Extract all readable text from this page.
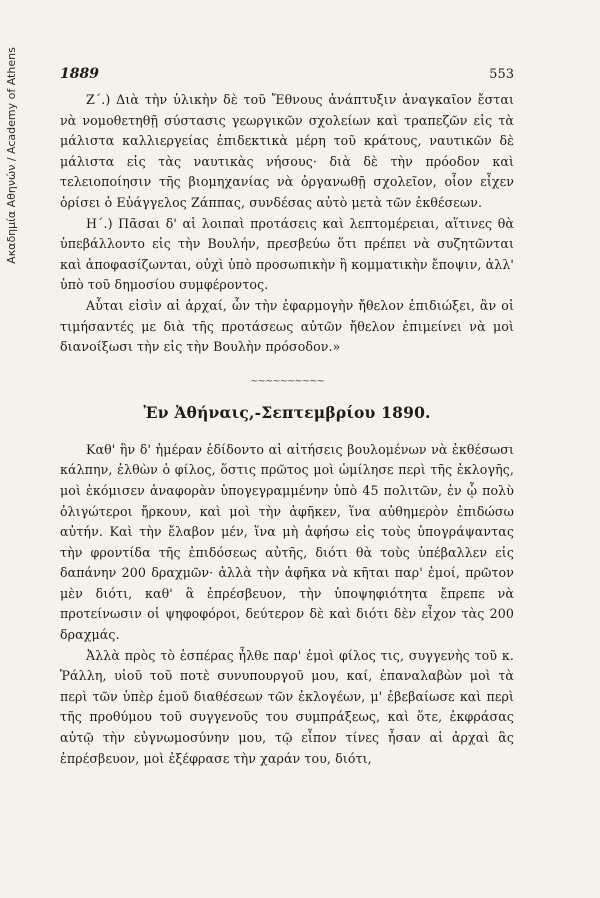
Ακαδημία Αθηνών / Academy of Athens	1889	553

Ζ΄.) Διὰ τὴν ὑλικὴν δὲ τοῦ Ἔθνους ἀνάπτυξιν ἀναγκαῖον ἔσται νὰ νομοθετηθῇ σύστασις γεωργικῶν σχολείων καὶ τραπεζῶν εἰς τὰ μάλιστα καλλιεργείας ἐπιδεκτικὰ μέρη τοῦ κράτους, ναυτικῶν δὲ μάλιστα εἰς τὰς ναυτικὰς νήσους· διὰ δὲ τὴν πρόοδον καὶ τελειοποίησιν τῆς βιομηχανίας νὰ ὀργανωθῇ σχολεῖον, οἷον εἶχεν ὁρίσει ὁ Εὐάγγελος Ζάππας, συνδέσας αὐτὸ μετὰ τῶν ἐκθέσεων.

Η΄.) Πᾶσαι δ' αἱ λοιπαὶ προτάσεις καὶ λεπτομέρειαι, αἵτινες θὰ ὑπεβάλλοντο εἰς τὴν Βουλήν, πρεσβεύω ὅτι πρέπει νὰ συζητῶνται καὶ ἀποφασίζωνται, οὐχὶ ὑπὸ προσωπικὴν ἢ κομματικὴν ἔποψιν, ἀλλ' ὑπὸ τοῦ δημοσίου συμφέροντος.

Αὗται εἰσὶν αἱ ἀρχαί, ὧν τὴν ἐφαρμογὴν ἤθελον ἐπιδιώξει, ἂν οἱ τιμήσαντές με διὰ τῆς προτάσεως αὐτῶν ἤθελον ἐπιμείνει νὰ μοὶ διανοίξωσι τὴν εἰς τὴν Βουλὴν πρόσοδον.»

~~~~~~~~~~
Ἐν Ἀθήναις,-Σεπτεμβρίου 1890.

Καθ' ἣν δ' ἡμέραν ἐδίδοντο αἱ αἰτήσεις βουλομένων νὰ ἐκθέσωσι κάλπην, ἐλθὼν ὁ φίλος, ὅστις πρῶτος μοὶ ὡμίλησε περὶ τῆς ἐκλογῆς, μοὶ ἐκόμισεν ἀναφορὰν ὑπογεγραμμένην ὑπὸ 45 πολιτῶν, ἐν ᾧ πολὺ ὀλιγώτεροι ἤρκουν, καὶ μοὶ τὴν ἀφῆκεν, ἵνα αὐθημερὸν ἐπιδώσω αὐτήν. Καὶ τὴν ἔλαβον μέν, ἵνα μὴ ἀφήσω εἰς τοὺς ὑπογράψαντας τὴν φροντίδα τῆς ἐπιδόσεως αὐτῆς, διότι θὰ τοὺς ὑπέβαλλεν εἰς δαπάνην 200 δραχμῶν· ἀλλὰ τὴν ἀφῆκα νὰ κῆται παρ' ἐμοί, πρῶτον μὲν διότι, καθ' ἃ ἐπρέσβευον, τὴν ὑποψηφιότητα ἔπρεπε νὰ προτείνωσιν οἱ ψηφοφόροι, δεύτερον δὲ καὶ διότι δὲν εἶχον τὰς 200 δραχμάς.

Ἀλλὰ πρὸς τὸ ἑσπέρας ἦλθε παρ' ἐμοὶ φίλος τις, συγγενὴς τοῦ κ. Ῥάλλη, υἱοῦ τοῦ ποτὲ συνυπουργοῦ μου, καί, ἐπαναλαβὼν μοὶ τὰ περὶ τῶν ὑπὲρ ἐμοῦ διαθέσεων τῶν ἐκλογέων, μ' ἐβεβαίωσε καὶ περὶ τῆς προθύμου τοῦ συγγενοῦς του συμπράξεως, καὶ ὅτε, ἐκφράσας αὐτῷ τὴν εὐγνωμοσύνην μου, τῷ εἶπον τίνες ἦσαν αἱ ἀρχαὶ ἃς ἐπρέσβευον, μοὶ ἐξέφρασε τὴν χαράν του, διότι,
